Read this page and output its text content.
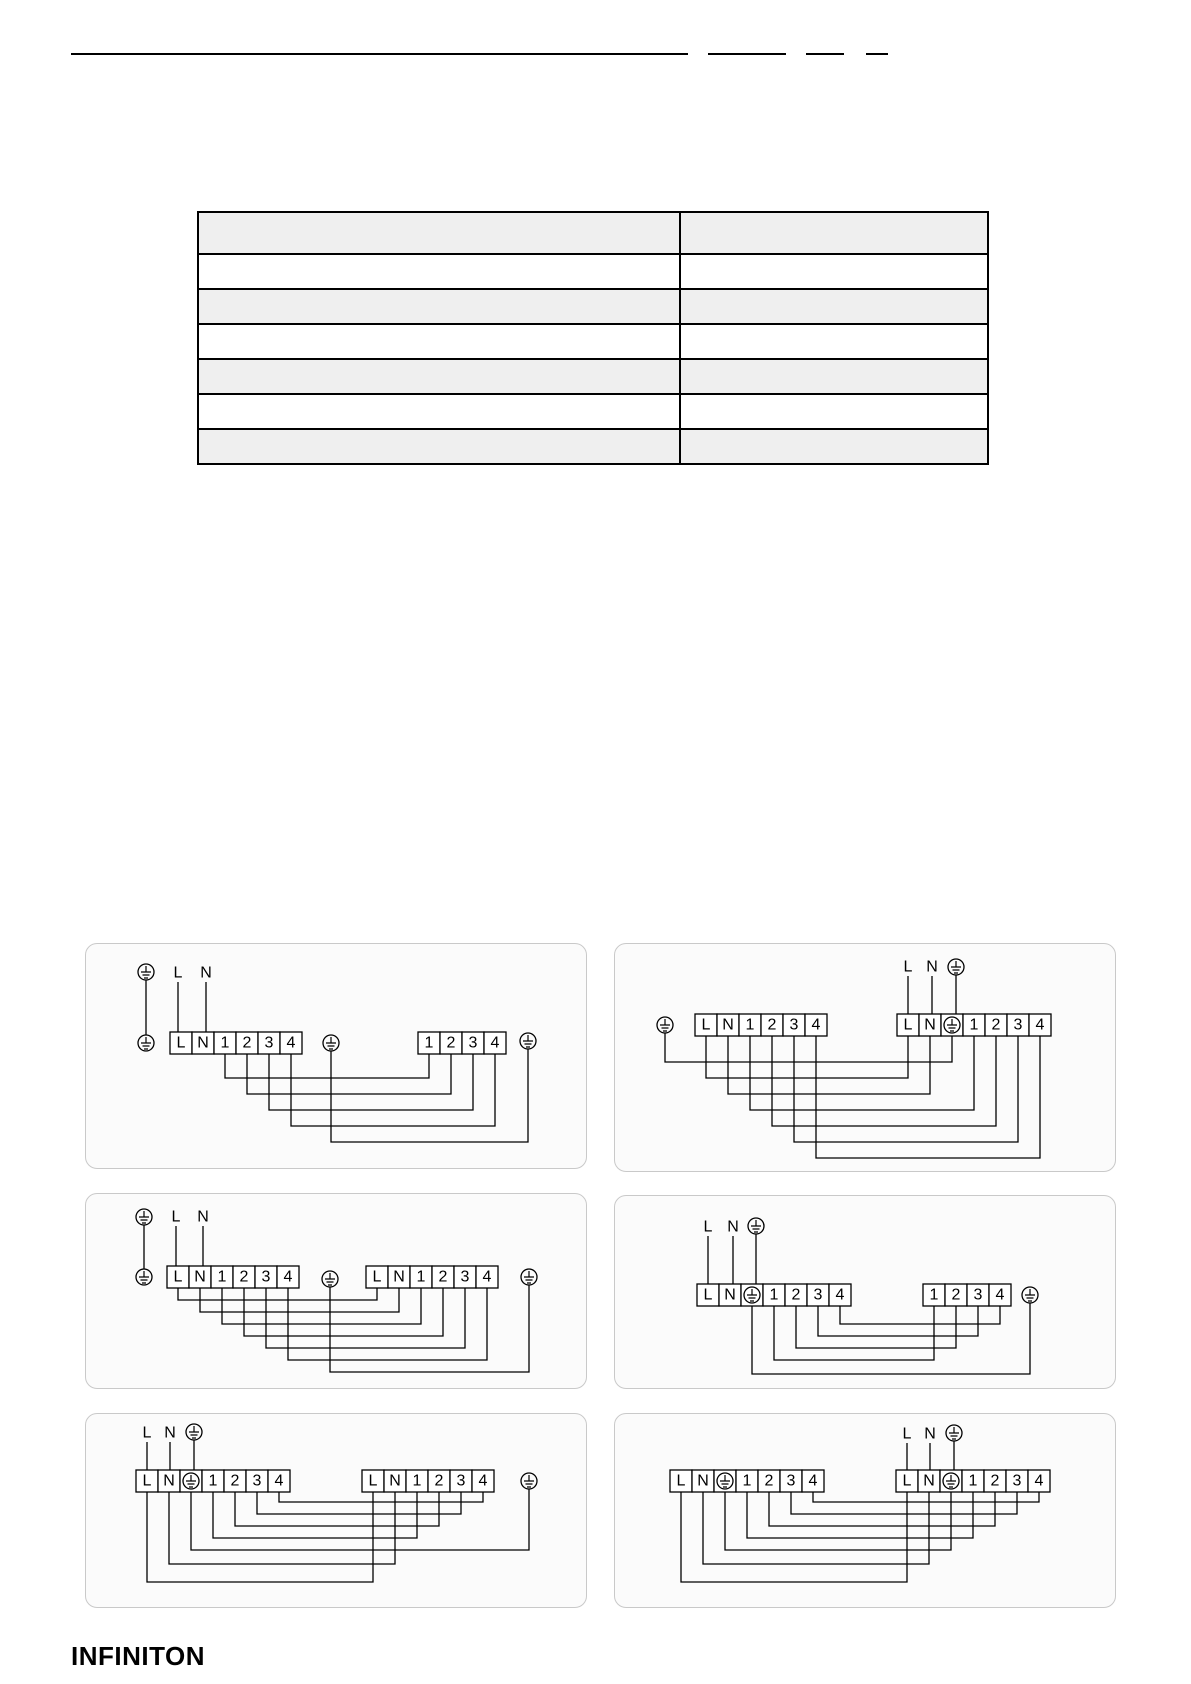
L N 1 2 3 4	1 2 3 4
L N
L N 1 2 3 4	L N 1 2 3 4
L N
L N 1 2 3 4	L N 1 2 3 4
L N
L N 1 2 3 4	1 2 3 4
L N
L N 1 2 3 4	L N 1 2 3 4
L N
L N 1 2 3 4	L N 1 2 3 4
L N
INFINITON
